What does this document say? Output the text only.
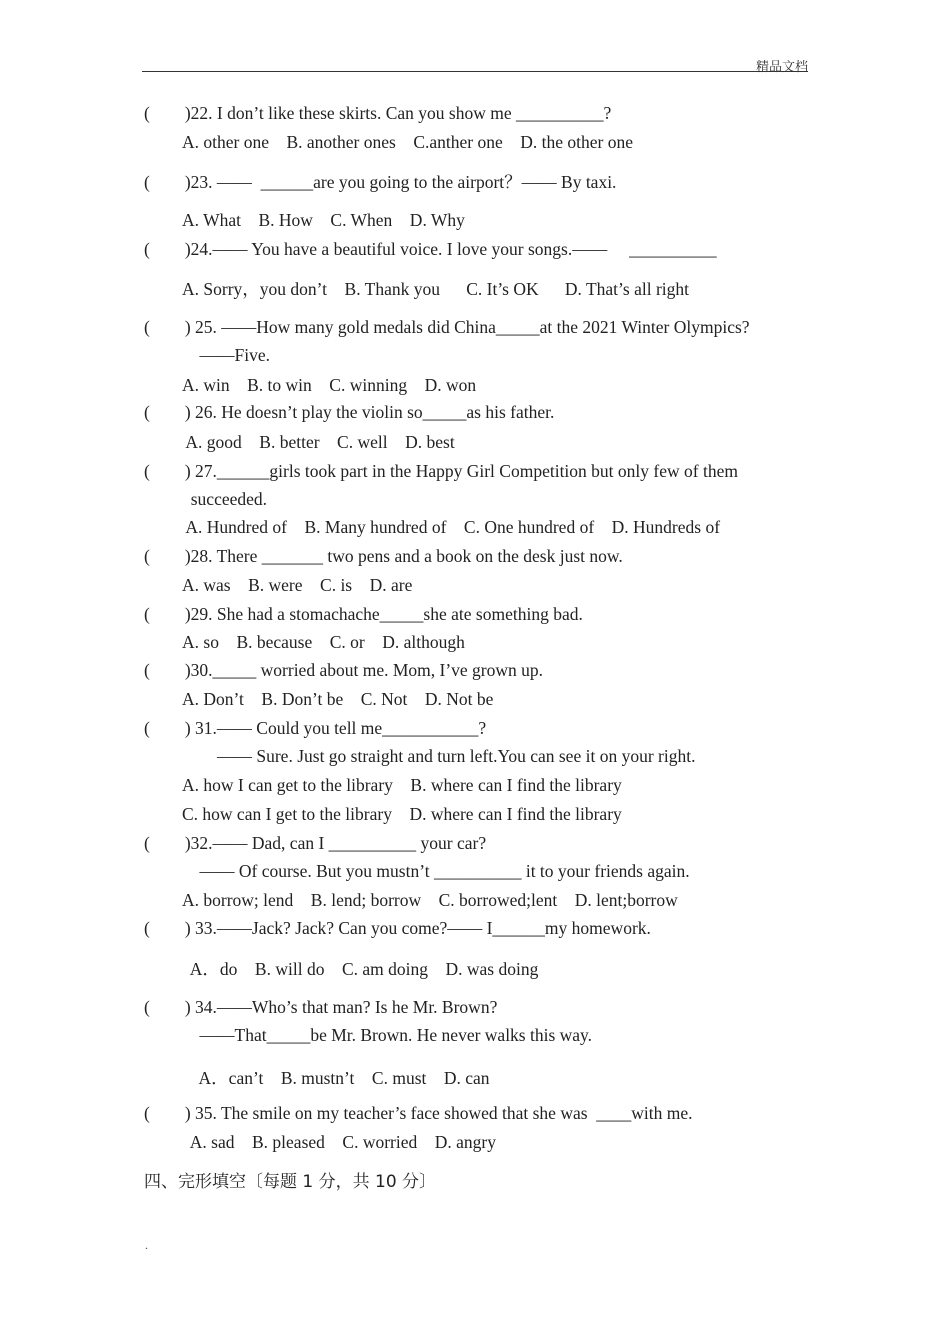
精品文档
(        )22. I don’t like these skirts. Can you show me __________?
A. other one    B. another ones    C.anther one    D. the other one
(        )23. ——  ______are you going to the airport？—— By taxi.
A. What    B. How    C. When    D. Why
(        )24.—— You have a beautiful voice. I love your songs.——     __________
A. Sorry，you don’t    B. Thank you      C. It’s OK      D. That’s all right
(        ) 25. ——How many gold medals did China_____at the 2021 Winter Olympics?
——Five.
A. win    B. to win    C. winning    D. won
(        ) 26. He doesn’t play the violin so_____as his father.
A. good    B. better    C. well    D. best
(        ) 27.______girls took part in the Happy Girl Competition but only few of them
succeeded.
A. Hundred of    B. Many hundred of    C. One hundred of    D. Hundreds of
(        )28. There _______ two pens and a book on the desk just now.
A. was    B. were    C. is    D. are
(        )29. She had a stomachache_____she ate something bad.
A. so    B. because    C. or    D. although
(        )30._____ worried about me. Mom, I’ve grown up.
A. Don’t    B. Don’t be    C. Not    D. Not be
(        ) 31.—— Could you tell me___________?
—— Sure. Just go straight and turn left.You can see it on your right.
A. how I can get to the library    B. where can I find the library
C. how can I get to the library    D. where can I find the library
(        )32.—— Dad, can I __________ your car?
—— Of course. But you mustn’t __________ it to your friends again.
A. borrow; lend    B. lend; borrow    C. borrowed;lent    D. lent;borrow
(        ) 33.——Jack? Jack? Can you come?—— I______my homework.
A．do    B. will do    C. am doing    D. was doing
(        ) 34.——Who’s that man? Is he Mr. Brown?
——That_____be Mr. Brown. He never walks this way.
A．can’t    B. mustn’t    C. must    D. can
(        ) 35. The smile on my teacher’s face showed that she was  ____with me.
A. sad    B. pleased    C. worried    D. angry
四、完形填空〔每题 1 分，共 10 分〕
.
